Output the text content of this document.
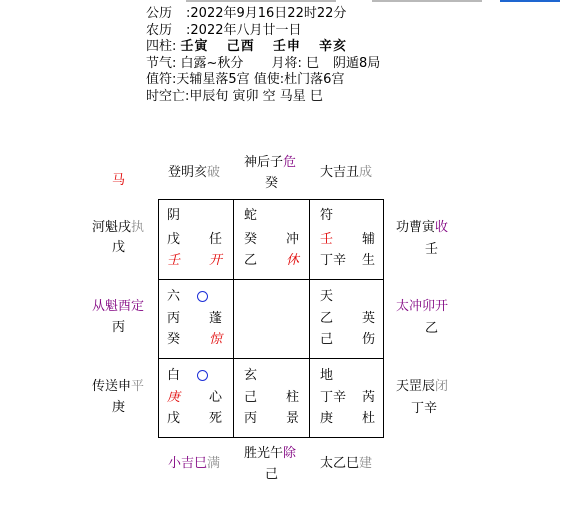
公历 :2022年9月16日22时22分
农历 :2022年八月廿一日
四柱: 壬寅 己酉 壬申 辛亥
节气: 白露~秋分 月将: 巳 阴遁8局
值符:天辅星落5宫 值使:杜门落6宫
时空亡:甲辰旬 寅卯 空 马星 巳
马
登明亥破
神后子危
癸
大吉丑成
河魁戌执
戊
从魁酉定
丙
传送申平
庚
功曹寅收
壬
太冲卯开
乙
天罡辰闭
丁辛
小吉巳满
胜光午除
己
太乙巳建
阴
戊 任
壬 开
蛇
癸 冲
乙 休
符
壬 辅
丁辛 生
六
丙 蓬
癸 惊
天
乙 英
己 伤
白
庚 心
戊 死
玄
己 柱
丙 景
地
丁辛 芮
庚 杜
